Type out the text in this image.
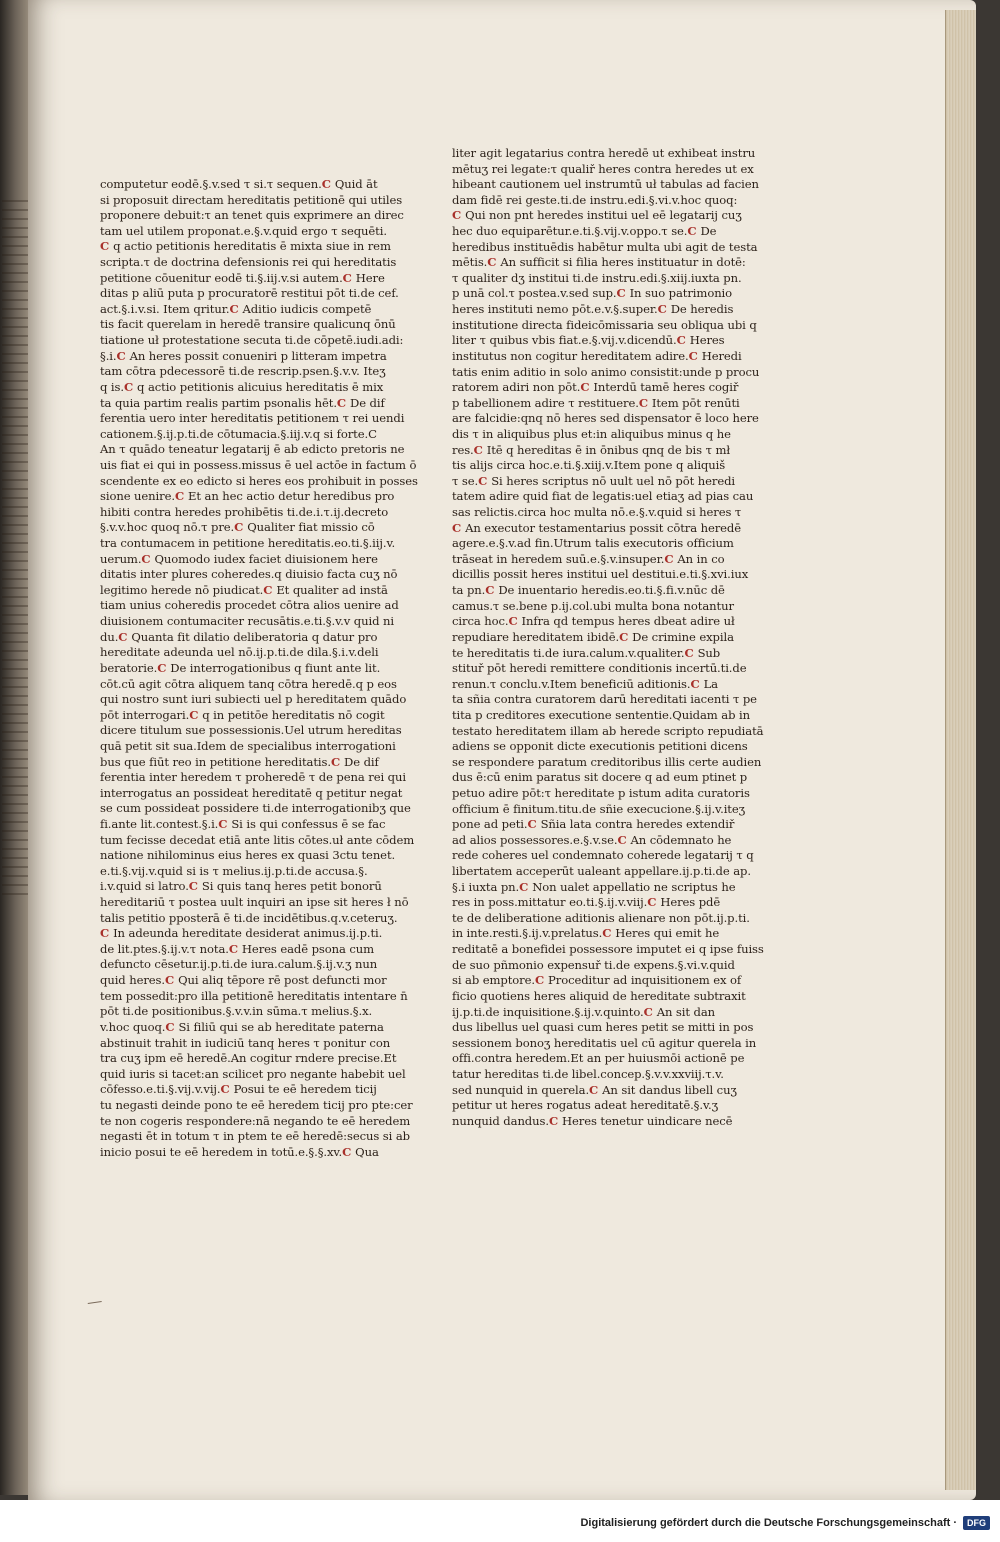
computetur eodē.§.v.sed τ si.τ sequen.C Quid āt
si proposuit directam hereditatis petitionē qui utiles
proponere debuit:τ an tenet quis exprimere an direc
tam uel utilem proponat.e.§.v.quid ergo τ sequēti.
C q actio petitionis hereditatis ē mixta siue in rem
scripta.τ de doctrina defensionis rei qui hereditatis
petitione cōuenitur eodē ti.§.iij.v.si autem.C Here
ditas p aliū puta p procuratorē restitui pōt ti.de cef.
act.§.i.v.si. Item qritur.C Aditio iudicis competē
tis facit querelam in heredē transire qualicunq ōnū
tiatione uł protestatione secuta ti.de cōpetē.iudi.adi:
§.i.C An heres possit conueniri p litteram impetra
tam cōtra pdecessorē ti.de rescrip.psen.§.v.v. Iteʒ
q is.C q actio petitionis alicuius hereditatis ē mix
ta quia partim realis partim psonalis hēt.C De dif
ferentia uero inter hereditatis petitionem τ rei uendi
cationem.§.ij.p.ti.de cōtumacia.§.iij.v.q si forte.C
An τ quādo teneatur legatarij ē ab edicto pretoris ne
uis fiat ei qui in possess.missus ē uel actōe in factum ō
scendente ex eo edicto si heres eos prohibuit in posses
sione uenire.C Et an hec actio detur heredibus pro
hibiti contra heredes prohibētis ti.de.i.τ.ij.decreto
§.v.v.hoc quoq nō.τ pre.C Qualiter fiat missio cō
tra contumacem in petitione hereditatis.eo.ti.§.iij.v.
uerum.C Quomodo iudex faciet diuisionem here
ditatis inter plures coheredes.q diuisio facta cuʒ nō
legitimo herede nō piudicat.C Et qualiter ad instā
tiam unius coheredis procedet cōtra alios uenire ad
diuisionem contumaciter recusātis.e.ti.§.v.v quid ni
du.C Quanta fit dilatio deliberatoria q datur pro
hereditate adeunda uel nō.ij.p.ti.de dila.§.i.v.deli
beratorie.C De interrogationibus q fiunt ante lit.
cōt.cū agit cōtra aliquem tanq cōtra heredē.q p eos
qui nostro sunt iuri subiecti uel p hereditatem quādo
pōt interrogari.C q in petitōe hereditatis nō cogit
dicere titulum sue possessionis.Uel utrum hereditas
quā petit sit sua.Idem de specialibus interrogationi
bus que fiūt reo in petitione hereditatis.C De dif
ferentia inter heredem τ proheredē τ de pena rei qui
interrogatus an possideat hereditatē q petitur negat
se cum possideat possidere ti.de interrogationibʒ que
fi.ante lit.contest.§.i.C Si is qui confessus ē se fac
tum fecisse decedat etiā ante litis cōtes.uł ante cōdem
natione nihilominus eius heres ex quasi 3ctu tenet.
e.ti.§.vij.v.quid si is τ melius.ij.p.ti.de accusa.§.
i.v.quid si latro.C Si quis tanq heres petit bonorū
hereditariū τ postea uult inquiri an ipse sit heres ł nō
talis petitio pposterā ē ti.de incidētibus.q.v.ceteruʒ.
C In adeunda hereditate desiderat animus.ij.p.ti.
de lit.ptes.§.ij.v.τ nota.C Heres eadē psona cum
defuncto cēsetur.ij.p.ti.de iura.calum.§.ij.v.ʒ nun
quid heres.C Qui aliq tēpore rē post defuncti mor
tem possedit:pro illa petitionē hereditatis intentare n̄
pōt ti.de positionibus.§.v.v.in sūma.τ melius.§.x.
v.hoc quoq.C Si filiū qui se ab hereditate paterna
abstinuit trahit in iudiciū tanq heres τ ponitur con
tra cuʒ ipm eē heredē.An cogitur rndere precise.Et
quid iuris si tacet:an scilicet pro negante habebit uel
cōfesso.e.ti.§.vij.v.vij.C Posui te eē heredem ticij
tu negasti deinde pono te eē heredem ticij pro pte:cer
te non cogeris respondere:nā negando te eē heredem
negasti ēt in totum τ in ptem te eē heredē:secus si ab
inicio posui te eē heredem in totū.e.§.§.xv.C Qua
liter agit legatarius contra heredē ut exhibeat instru
mētuʒ rei legate:τ qualiř heres contra heredes ut ex
hibeant cautionem uel instrumtū uł tabulas ad facien
dam fidē rei geste.ti.de instru.edi.§.vi.v.hoc quoq:
C Qui non pnt heredes institui uel eē legatarij cuʒ
hec duo equiparētur.e.ti.§.vij.v.oppo.τ se.C De
heredibus instituēdis habētur multa ubi agit de testa
mētis.C An sufficit si filia heres instituatur in dotē:
τ qualiter dʒ institui ti.de instru.edi.§.xiij.iuxta pn.
p unā col.τ postea.v.sed sup.C In suo patrimonio
heres instituti nemo pōt.e.v.§.super.C De heredis
institutione directa fideicōmissaria seu obliqua ubi q
liter τ quibus vbis fiat.e.§.vij.v.dicendū.C Heres
institutus non cogitur hereditatem adire.C Heredi
tatis enim aditio in solo animo consistit:unde p procu
ratorem adiri non pōt.C Interdū tamē heres cogiř
p tabellionem adire τ restituere.C Item pōt renūti
are falcidie:qnq nō heres sed dispensator ē loco here
dis τ in aliquibus plus et:in aliquibus minus q he
res.C Itē q hereditas ē in ōnibus qnq de bis τ mł
tis alijs circa hoc.e.ti.§.xiij.v.Item pone q aliquiš
τ se.C Si heres scriptus nō uult uel nō pōt heredi
tatem adire quid fiat de legatis:uel etiaʒ ad pias cau
sas relictis.circa hoc multa nō.e.§.v.quid si heres τ
C An executor testamentarius possit cōtra heredē
agere.e.§.v.ad fin.Utrum talis executoris officium
trāseat in heredem suū.e.§.v.insuper.C An in co
dicillis possit heres institui uel destitui.e.ti.§.xvi.iux
ta pn.C De inuentario heredis.eo.ti.§.fi.v.nūc dē
camus.τ se.bene p.ij.col.ubi multa bona notantur
circa hoc.C Infra qd tempus heres dbeat adire uł
repudiare hereditatem ibidē.C De crimine expila
te hereditatis ti.de iura.calum.v.qualiter.C Sub
stituř pōt heredi remittere conditionis incertū.ti.de
renun.τ conclu.v.Item beneficiū aditionis.C La
ta sñia contra curatorem darū hereditati iacenti τ pe
tita p creditores executione sententie.Quidam ab in
testato hereditatem illam ab herede scripto repudiatā
adiens se opponit dicte executionis petitioni dicens
se respondere paratum creditoribus illis certe audien
dus ē:cū enim paratus sit docere q ad eum ptinet p
petuo adire pōt:τ hereditate p istum adita curatoris
officium ē finitum.titu.de sñie execucione.§.ij.v.iteʒ
pone ad peti.C Sñia lata contra heredes extendiř
ad alios possessores.e.§.v.se.C An cōdemnato he
rede coheres uel condemnato coherede legatarij τ q
libertatem acceperūt ualeant appellare.ij.p.ti.de ap.
§.i iuxta pn.C Non ualet appellatio ne scriptus he
res in poss.mittatur eo.ti.§.ij.v.viij.C Heres pdē
te de deliberatione aditionis alienare non pōt.ij.p.ti.
in inte.resti.§.ij.v.prelatus.C Heres qui emit he
reditatē a bonefidei possessore imputet ei q ipse fuiss
de suo pñmonio expensuř ti.de expens.§.vi.v.quid
si ab emptore.C Proceditur ad inquisitionem ex of
ficio quotiens heres aliquid de hereditate subtraxit
ij.p.ti.de inquisitione.§.ij.v.quinto.C An sit dan
dus libellus uel quasi cum heres petit se mitti in pos
sessionem bonoʒ hereditatis uel cū agitur querela in
offi.contra heredem.Et an per huiusmōi actionē pe
tatur hereditas ti.de libel.concep.§.v.v.xxviij.τ.v.
sed nunquid in querela.C An sit dandus libell cuʒ
petitur ut heres rogatus adeat hereditatē.§.v.ʒ
nunquid dandus.C Heres tenetur uindicare necē
Digitalisierung gefördert durch die Deutsche Forschungsgemeinschaft ·	DFG
